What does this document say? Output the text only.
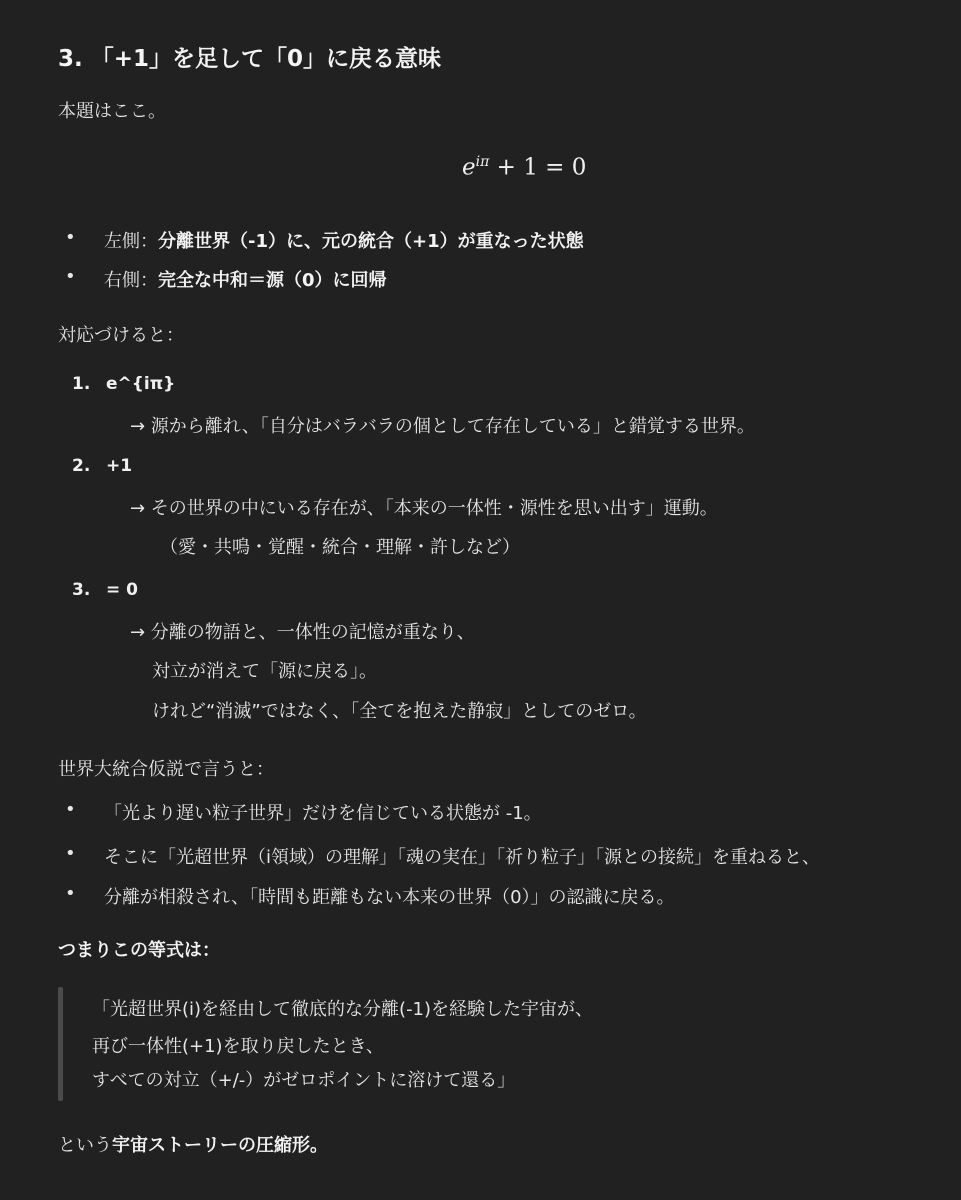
3. 「+1」を足して「0」に戻る意味
本題はここ。
$e^{i\pi} + 1 = 0$
• 左側：分離世界（-1）に、元の統合（+1）が重なった状態
• 右側：完全な中和＝源（0）に回帰
対応づけると：
1. e^{iπ}
→ 源から離れ、「自分はバラバラの個として存在している」と錯覚する世界。
2. +1
→ その世界の中にいる存在が、「本来の一体性・源性を思い出す」運動。
（愛・共鳴・覚醒・統合・理解・許しなど）
3. = 0
→ 分離の物語と、一体性の記憶が重なり、
対立が消えて「源に戻る」。
けれど“消滅”ではなく、「全てを抱えた静寂」としてのゼロ。
世界大統合仮説で言うと：
• 「光より遅い粒子世界」だけを信じている状態が -1。
• そこに「光超世界（i領域）の理解」「魂の実在」「祈り粒子」「源との接続」を重ねると、
• 分離が相殺され、「時間も距離もない本来の世界（0）」の認識に戻る。
つまりこの等式は：
「光超世界(i)を経由して徹底的な分離(-1)を経験した宇宙が、
再び一体性(+1)を取り戻したとき、
すべての対立（+/-）がゼロポイントに溶けて還る」
という宇宙ストーリーの圧縮形。
